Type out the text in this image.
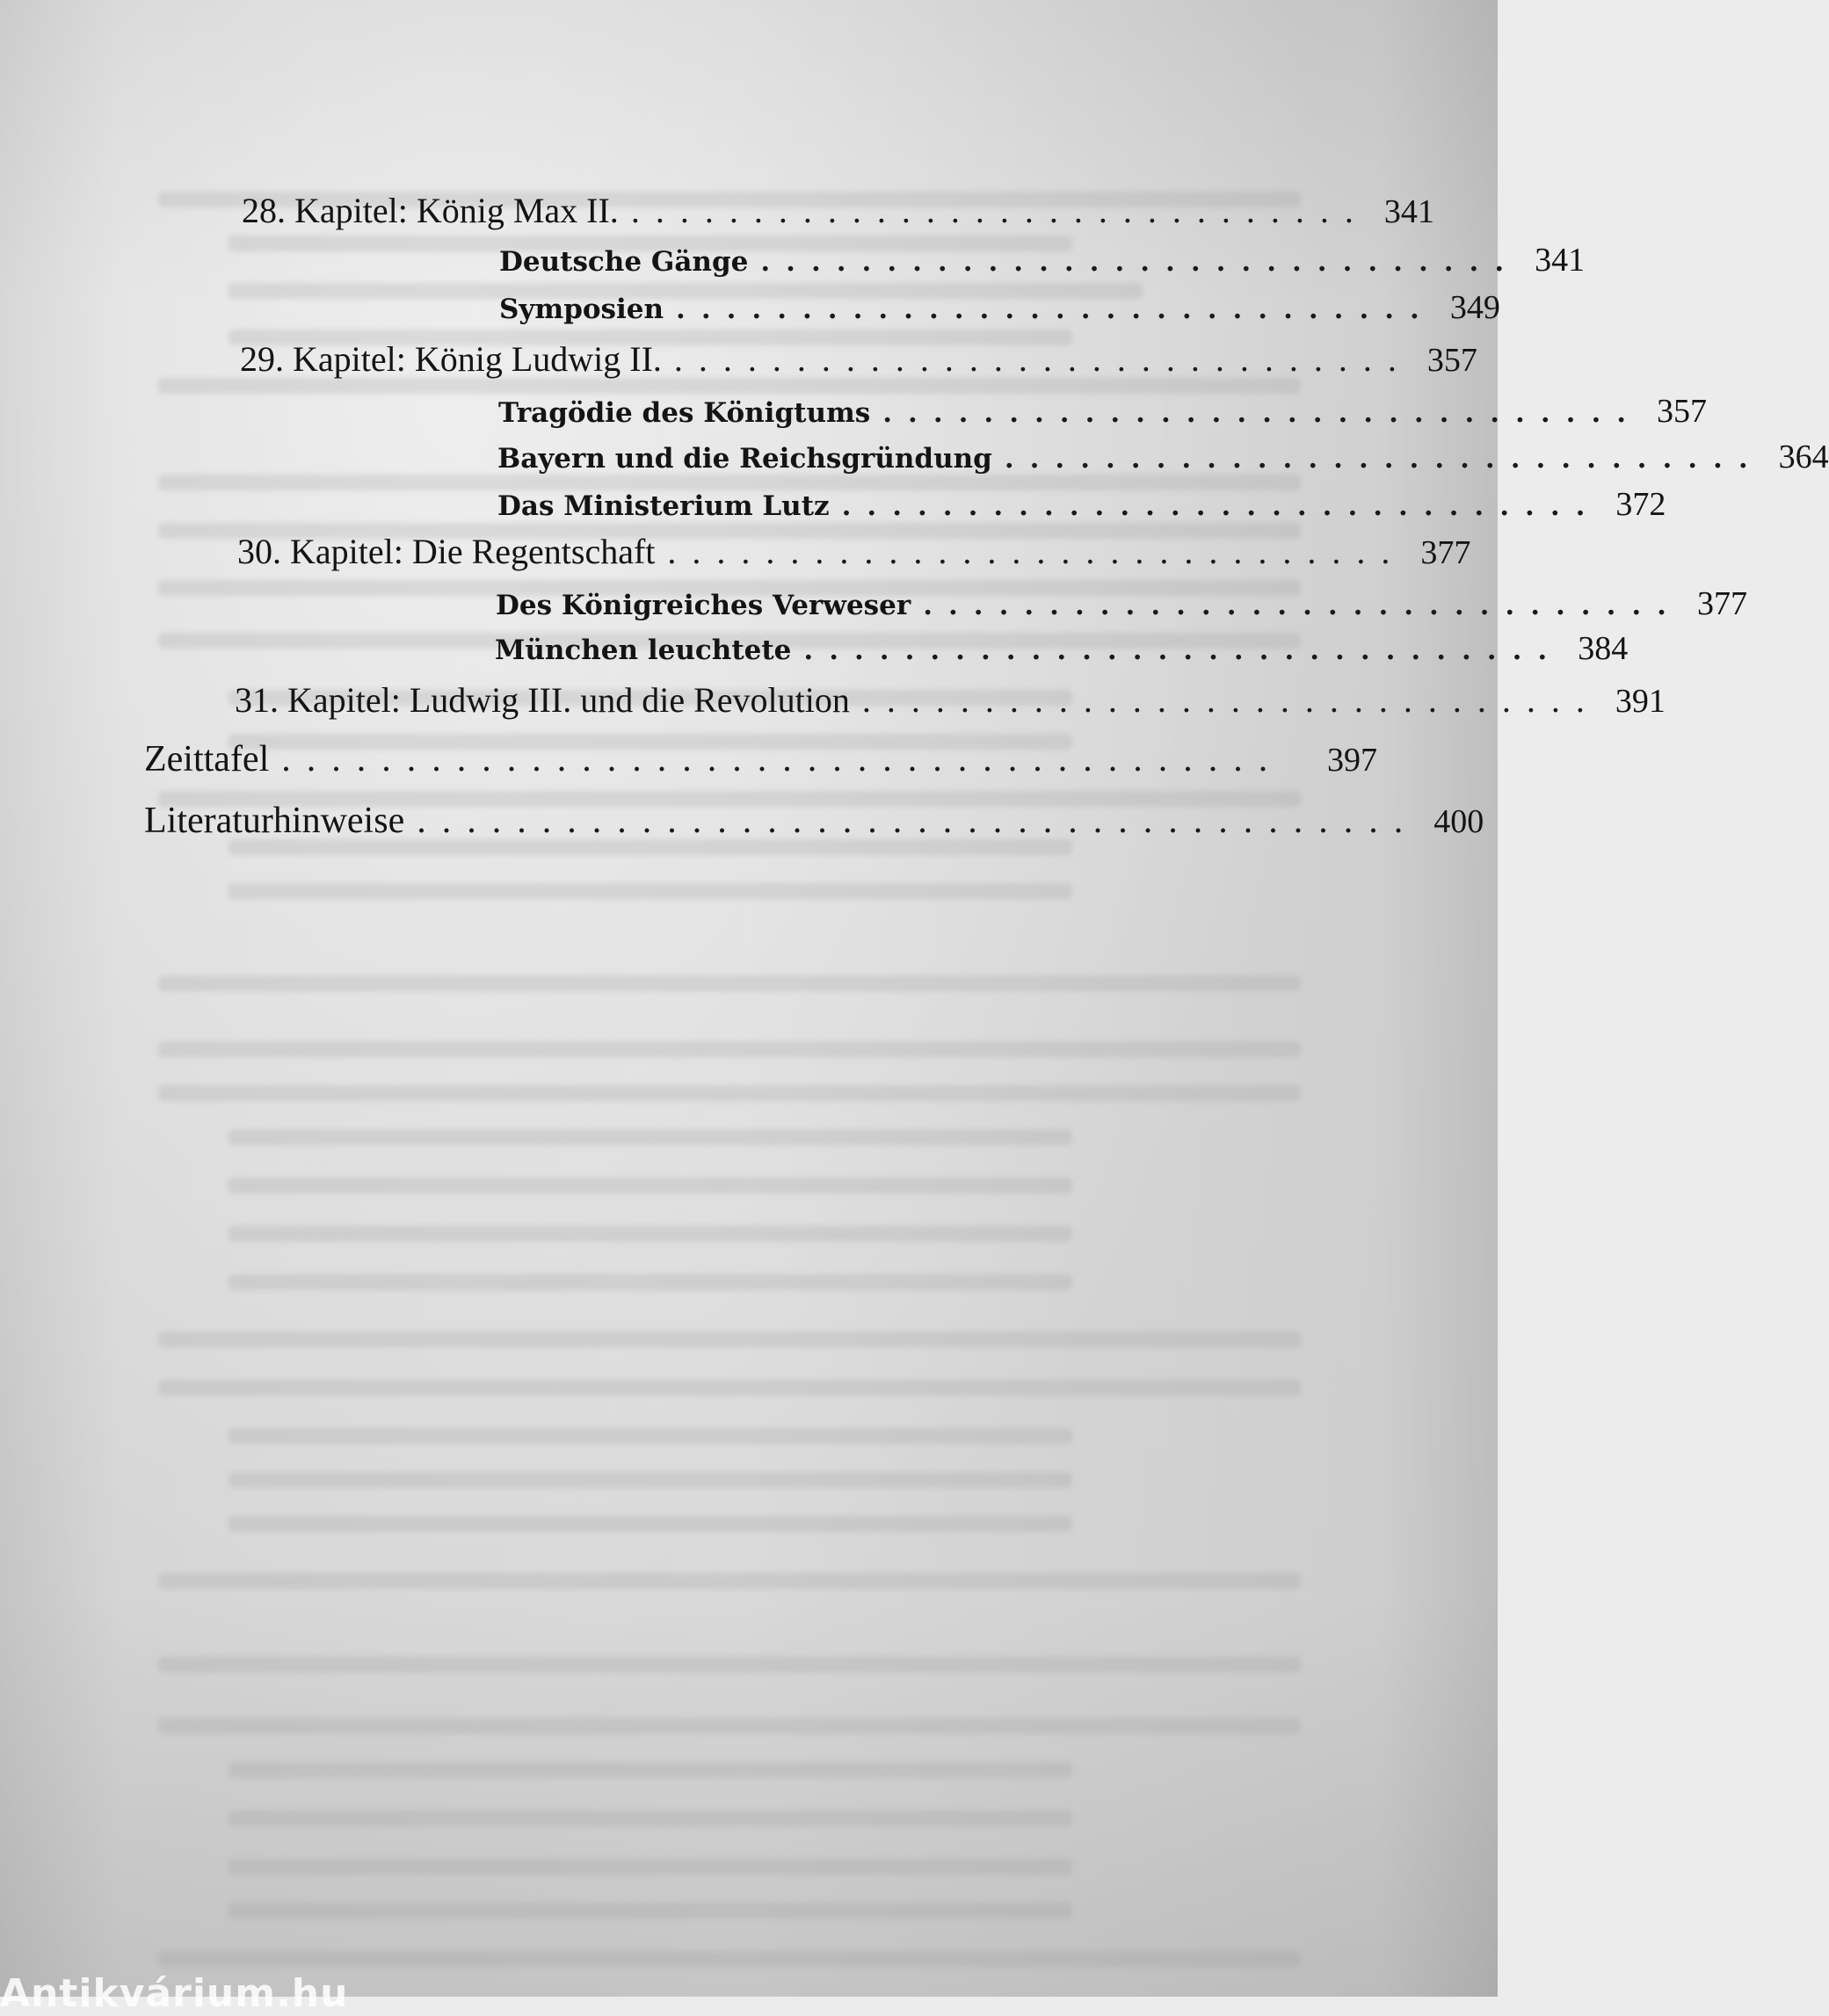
28. Kapitel: König Max II. .............................. 341
Deutsche Gänge .............................. 341
Symposien .............................. 349
29. Kapitel: König Ludwig II. .............................. 357
Tragödie des Königtums .............................. 357
Bayern und die Reichsgründung .............................. 364
Das Ministerium Lutz .............................. 372
30. Kapitel: Die Regentschaft .............................. 377
Des Königreiches Verweser .............................. 377
München leuchtete .............................. 384
31. Kapitel: Ludwig III. und die Revolution .............................. 391
Zeittafel ........................................	397
Literaturhinweise ........................................ 400
Antikvárium.hu
